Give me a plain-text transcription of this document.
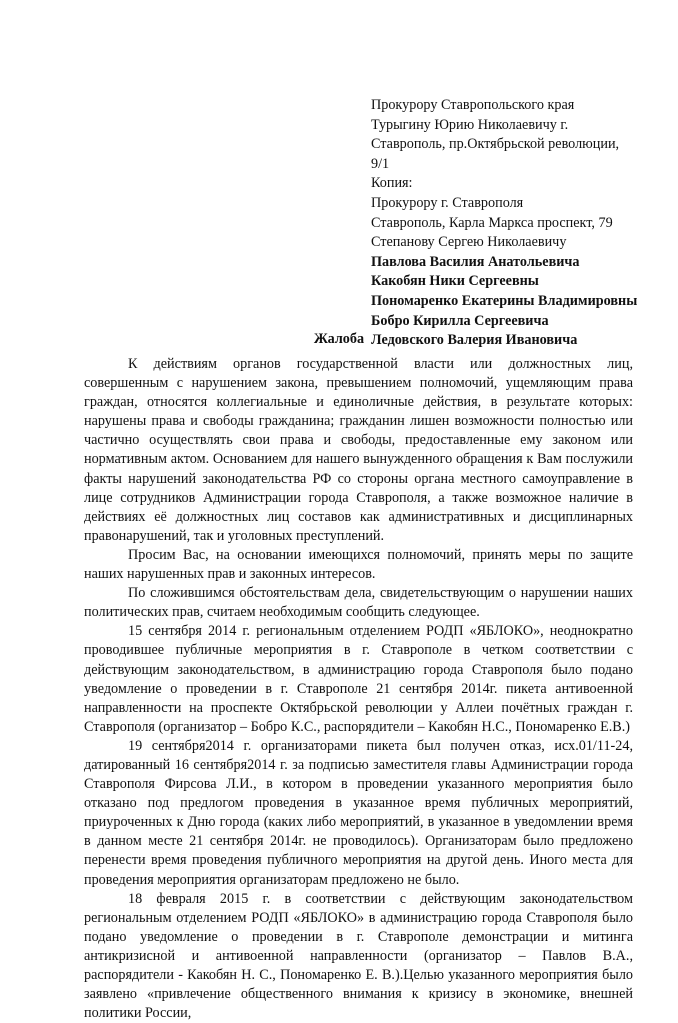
Прокурору Ставропольского края
Турыгину Юрию Николаевичу г.
Ставрополь, пр.Октябрьской революции,
9/1
Копия:
Прокурору г. Ставрополя
Ставрополь, Карла Маркса проспект, 79
Степанову Сергею Николаевичу
Павлова Василия Анатольевича
Какобян Ники Сергеевны
Пономаренко Екатерины Владимировны
Бобро Кирилла Сергеевича
Ледовского Валерия Ивановича
Жалоба

К действиям органов государственной власти или должностных лиц, совершенным с нарушением закона, превышением полномочий, ущемляющим права граждан, относятся коллегиальные и единоличные действия, в результате которых: нарушены права и свободы гражданина; гражданин лишен возможности полностью или частично осуществлять свои права и свободы, предоставленные ему законом или нормативным актом. Основанием для нашего вынужденного обращения к Вам послужили факты нарушений законодательства РФ со стороны органа местного самоуправление в лице сотрудников Администрации города Ставрополя, а также возможное наличие в действиях её должностных лиц составов как административных и дисциплинарных правонарушений, так и уголовных преступлений.

Просим Вас, на основании имеющихся полномочий, принять меры по защите наших нарушенных прав и законных интересов.

По сложившимся обстоятельствам дела, свидетельствующим о нарушении наших политических прав, считаем необходимым сообщить следующее.

15 сентября 2014 г. региональным отделением РОДП «ЯБЛОКО», неоднократно проводившее публичные мероприятия в г. Ставрополе в четком соответствии с действующим законодательством, в администрацию города Ставрополя было подано уведомление о проведении в г. Ставрополе 21 сентября 2014г. пикета антивоенной направленности на проспекте Октябрьской революции у Аллеи почётных граждан г. Ставрополя (организатор – Бобро К.С., распорядители – Какобян Н.С., Пономаренко Е.В.)

19 сентября2014 г. организаторами пикета был получен отказ, исх.01/11-24, датированный 16 сентября2014 г. за подписью заместителя главы Администрации города Ставрополя Фирсова Л.И., в котором в проведении указанного мероприятия было отказано под предлогом проведения в указанное время публичных мероприятий, приуроченных к Дню города (каких либо мероприятий, в указанное в уведомлении время в данном месте 21 сентября 2014г. не проводилось). Организаторам было предложено перенести время проведения публичного мероприятия на другой день. Иного места для проведения мероприятия организаторам предложено не было.

18 февраля 2015 г. в соответствии с действующим законодательством региональным отделением РОДП «ЯБЛОКО» в администрацию города Ставрополя было подано уведомление о проведении в г. Ставрополе демонстрации и митинга антикризисной и антивоенной направленности (организатор – Павлов В.А., распорядители - Какобян Н. С., Пономаренко Е. В.).Целью указанного мероприятия было заявлено «привлечение общественного внимания к кризису в экономике, внешней политики России,
